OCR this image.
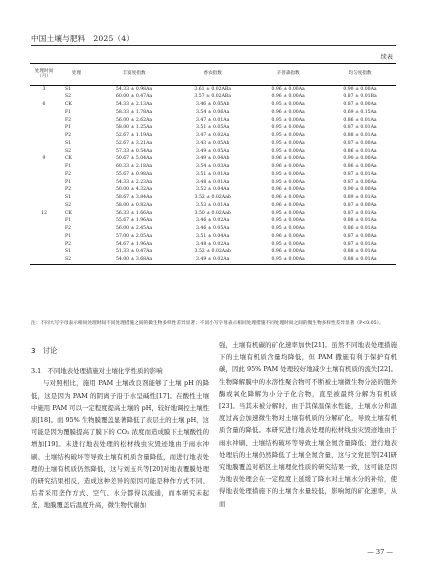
中国土壤与肥料　2025（4）
续表
处理时间（月）	处理	丰富度指数	香农指数	辛普森指数	均匀度指数
3	S1	54.33 ± 0.98Aa	3.61 ± 0.02ABa	0.96 ± 0.00Aa	0.90 ± 0.00Aa
	S2	60.00 ± 0.47Aa	3.57 ± 0.02ABa	0.96 ± 0.00Aa	0.87 ± 0.01Ba
6	CK	54.33 ± 2.13Aa	3.46 ± 0.05Ab	0.95 ± 0.00Aa	0.87 ± 0.00Aa
	F1	58.33 ± 1.78Aa	3.54 ± 0.06Aa	0.96 ± 0.00Aa	0.69 ± 0.15Aa
	F2	56.00 ± 2.62Aa	3.47 ± 0.01Aa	0.95 ± 0.00Aa	0.86 ± 0.01Aa
	P1	58.00 ± 1.25Aa	3.51 ± 0.05Aa	0.95 ± 0.00Aa	0.87 ± 0.01Aa
	P2	52.67 ± 1.19Aa	3.47 ± 0.02Aa	0.95 ± 0.00Aa	0.88 ± 0.01Aa
	S1	52.67 ± 3.21Aa	3.43 ± 0.05Ab	0.95 ± 0.00Aa	0.87 ± 0.00Aa
	S2	57.33 ± 0.54Aa	3.49 ± 0.05Aa	0.95 ± 0.00Aa	0.86 ± 0.01Aa
9	CK	50.67 ± 5.04Aa	3.49 ± 0.04Ab	0.96 ± 0.00Aa	0.90 ± 0.00Aa
	F1	60.33 ± 2.18Aa	3.54 ± 0.03Aa	0.96 ± 0.00Aa	0.86 ± 0.00Aa
	F2	55.67 ± 0.98Aa	3.51 ± 0.01Aa	0.95 ± 0.00Aa	0.87 ± 0.01Aa
	P1	54.33 ± 2.23Aa	3.48 ± 0.01Aa	0.95 ± 0.00Aa	0.87 ± 0.00Aa
	P2	50.00 ± 4.32Aa	3.52 ± 0.04Aa	0.96 ± 0.00Aa	0.90 ± 0.00Aa
	S1	58.67 ± 3.84Aa	3.52 ± 0.02Aab	0.96 ± 0.00Aa	0.89 ± 0.01Aa
	S2	58.00 ± 0.82Aa	3.53 ± 0.01Aa	0.96 ± 0.00Aa	0.87 ± 0.00Aa
12	CK	56.33 ± 1.66Aa	3.50 ± 0.02Aab	0.95 ± 0.00Aa	0.87 ± 0.01Aa
	F1	55.67 ± 1.96Aa	3.46 ± 0.02Aa	0.95 ± 0.00Aa	0.88 ± 0.01Aa
	F2	56.00 ± 2.45Aa	3.46 ± 0.05Aa	0.95 ± 0.00Aa	0.86 ± 0.01Aa
	P1	57.00 ± 2.05Aa	3.51 ± 0.04Aa	0.96 ± 0.00Aa	0.87 ± 0.00Aa
	P2	54.67 ± 1.96Aa	3.48 ± 0.02Aa	0.95 ± 0.00Aa	0.87 ± 0.01Aa
	S1	51.33 ± 0.47Aa	3.52 ± 0.02Aab	0.96 ± 0.00Aa	0.88 ± 0.01Aa
	S2	54.00 ± 3.68Aa	3.49 ± 0.02Aa	0.95 ± 0.00Aa	0.88 ± 0.01Aa
注：不同大写字母表示相同处理时间不同处理措施之间的微生物多样性差异显著；不同小写字母表示相同处理措施不同处理时间之间的微生物多样性差异显著（P<0.05）。
3　讨论
3.1　不同地表处理措施对土壤化学性质的影响

与对照相比，施用 PAM 土壤改良剂能够了土壤 pH 的降低，这是因为 PAM 的阴离子沿于水呈碱性[17]。在酸性土壤中施用 PAM 可以一定程度提高土壤的 pH，较好地调控土壤性质[18]。而 95% 生物膜覆盖显著降低了表层土的土壤 pH，这可能是因为覆膜提高了膜下的 CO₂ 浓度而造成膜下土壤酸性的增加[19]。未进行地表处理的松材线虫灾毁迹地由于雨水冲刷、土壤结构破坏等导致土壤有机质含量降低，而进行地表处理的土壤有机质仍然降低，这与刘玉兵等[20]对地表覆膜处理的研究结果相反，造成这种差异的原因可能是种作方式不同、后者采用垄作方式、空气、水分都得以流通，而本研究未起垄，地膜覆盖后温度升高，微生物代谢加

强，土壤有机碳的矿化速率加快[21]。虽然不同地表处理措施下的土壤有机质含量均降低，但 PAM 撒施有利于保护有机碳，因此 95% PAM 处理较好地减少土壤有机质的流失[22]。生物降解膜中的水溶性聚合物可不断被土壤微生物分泌的胞外酶或氧化降解为小分子化合物，直至被最终分解为有机质[23]。当其未被分解时，由于其保温保水性能，土壤水分和温度过高会加速微生物对土壤有机质的分解矿化，导致土壤有机质含量的降低。本研究进行地表处理的松材线虫灾毁迹地由于雨水冲刷、土壤结构破坏等导致土壤全氮含量降低；进行地表处理后的土壤仍然降低了土壤全氮含量，这与文党昆等[24]研究地膜覆盖对稻区土壤理化性质的研究结果一致，这可能是因为地表处理会在一定程度上延缓了降水对土壤水分的补给，使得地表处理措施下的土壤含水量较低，影响氮的矿化速率，从而

— 37 —
